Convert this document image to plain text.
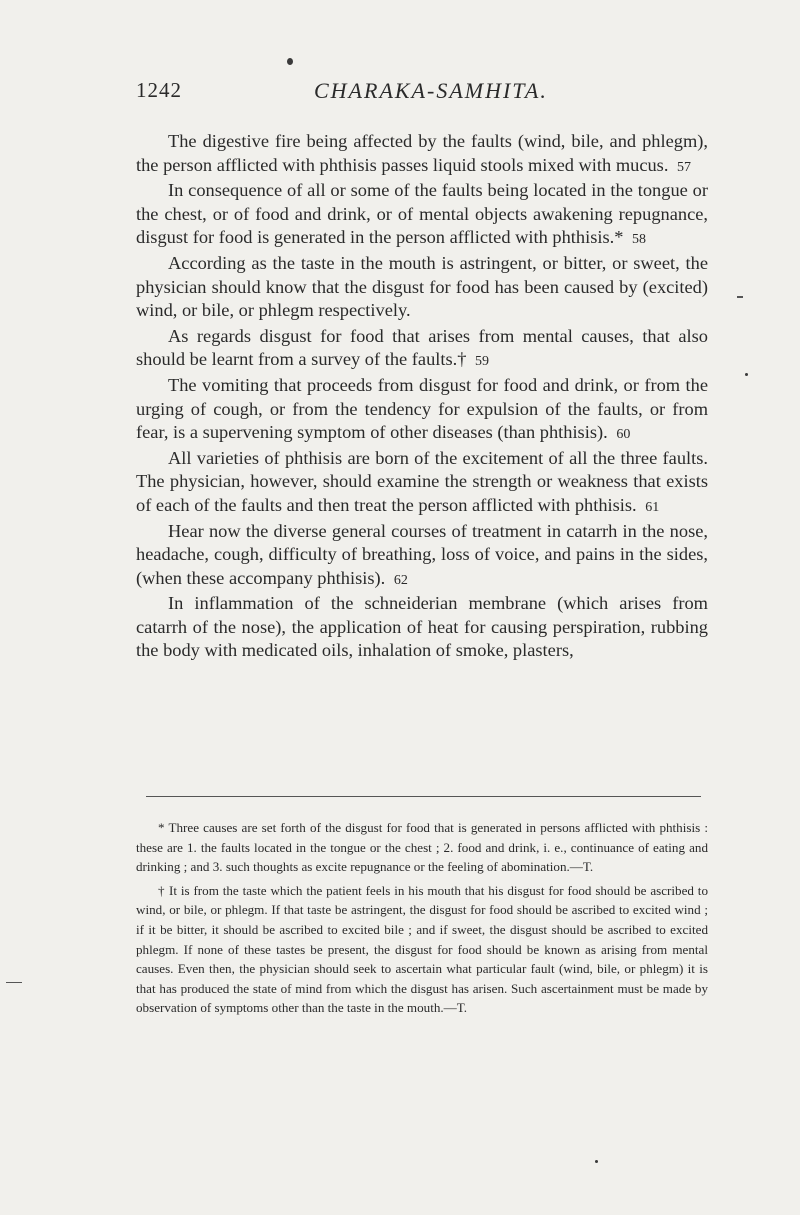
1242	CHARAKA-SAMHITA.

The digestive fire being affected by the faults (wind, bile, and phlegm), the person afflicted with phthisis passes liquid stools mixed with mucus. 57

In consequence of all or some of the faults being located in the tongue or the chest, or of food and drink, or of mental objects awakening repugnance, disgust for food is generated in the person afflicted with phthisis.* 58

According as the taste in the mouth is astringent, or bitter, or sweet, the physician should know that the disgust for food has been caused by (excited) wind, or bile, or phlegm respectively.

As regards disgust for food that arises from mental causes, that also should be learnt from a survey of the faults.† 59

The vomiting that proceeds from disgust for food and drink, or from the urging of cough, or from the tendency for expulsion of the faults, or from fear, is a supervening symptom of other diseases (than phthisis). 60

All varieties of phthisis are born of the excitement of all the three faults. The physician, however, should examine the strength or weakness that exists of each of the faults and then treat the person afflicted with phthisis. 61

Hear now the diverse general courses of treatment in catarrh in the nose, headache, cough, difficulty of breathing, loss of voice, and pains in the sides, (when these accompany phthisis). 62

In inflammation of the schneiderian membrane (which arises from catarrh of the nose), the application of heat for causing perspiration, rubbing the body with medicated oils, inhalation of smoke, plasters,

* Three causes are set forth of the disgust for food that is generated in persons afflicted with phthisis : these are 1. the faults located in the tongue or the chest ; 2. food and drink, i. e., continuance of eating and drinking ; and 3. such thoughts as excite repugnance or the feeling of abomination.—T.

† It is from the taste which the patient feels in his mouth that his disgust for food should be ascribed to wind, or bile, or phlegm. If that taste be astringent, the disgust for food should be ascribed to excited wind ; if it be bitter, it should be ascribed to excited bile ; and if sweet, the disgust should be ascribed to excited phlegm. If none of these tastes be present, the disgust for food should be known as arising from mental causes. Even then, the physician should seek to ascertain what particular fault (wind, bile, or phlegm) it is that has produced the state of mind from which the disgust has arisen. Such ascertainment must be made by observation of symptoms other than the taste in the mouth.—T.
